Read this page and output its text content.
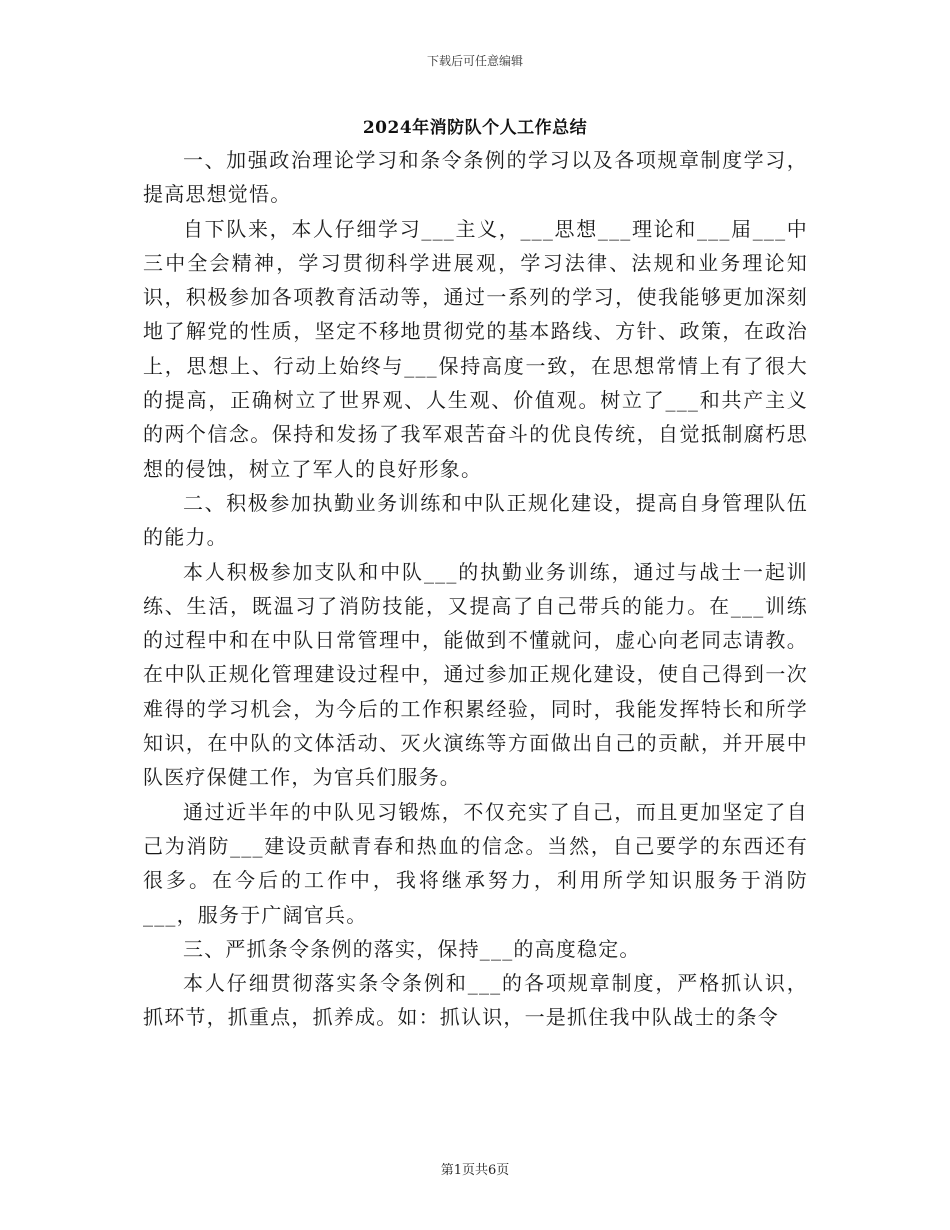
下载后可任意编辑
2024年消防队个人工作总结

一、加强政治理论学习和条令条例的学习以及各项规章制度学习，提高思想觉悟。

自下队来，本人仔细学习___主义，___思想___理论和___届___中三中全会精神，学习贯彻科学进展观，学习法律、法规和业务理论知识，积极参加各项教育活动等，通过一系列的学习，使我能够更加深刻地了解党的性质，坚定不移地贯彻党的基本路线、方针、政策，在政治上，思想上、行动上始终与___保持高度一致，在思想常情上有了很大的提高，正确树立了世界观、人生观、价值观。树立了___和共产主义的两个信念。保持和发扬了我军艰苦奋斗的优良传统，自觉抵制腐朽思想的侵蚀，树立了军人的良好形象。

二、积极参加执勤业务训练和中队正规化建设，提高自身管理队伍的能力。

本人积极参加支队和中队___的执勤业务训练，通过与战士一起训练、生活，既温习了消防技能，又提高了自己带兵的能力。在___训练的过程中和在中队日常管理中，能做到不懂就问，虚心向老同志请教。在中队正规化管理建设过程中，通过参加正规化建设，使自己得到一次难得的学习机会，为今后的工作积累经验，同时，我能发挥特长和所学知识，在中队的文体活动、灭火演练等方面做出自己的贡献，并开展中队医疗保健工作，为官兵们服务。

通过近半年的中队见习锻炼，不仅充实了自己，而且更加坚定了自己为消防___建设贡献青春和热血的信念。当然，自己要学的东西还有很多。在今后的工作中，我将继承努力，利用所学知识服务于消防___，服务于广阔官兵。

三、严抓条令条例的落实，保持___的高度稳定。

本人仔细贯彻落实条令条例和___的各项规章制度，严格抓认识，抓环节，抓重点，抓养成。如：抓认识，一是抓住我中队战士的条令

第1页共6页
